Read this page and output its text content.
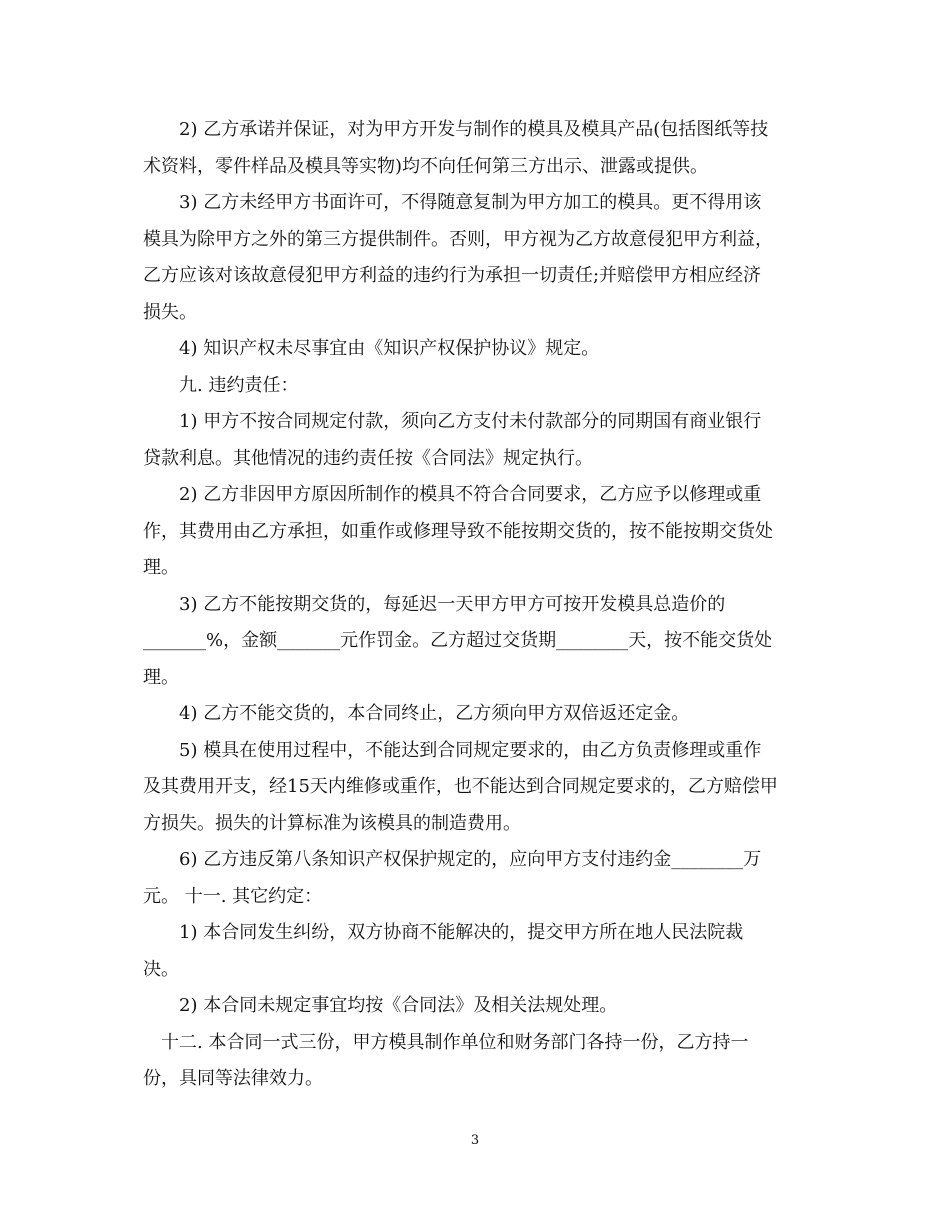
2) 乙方承诺并保证，对为甲方开发与制作的模具及模具产品(包括图纸等技
术资料，零件样品及模具等实物)均不向任何第三方出示、泄露或提供。
3) 乙方未经甲方书面许可，不得随意复制为甲方加工的模具。更不得用该
模具为除甲方之外的第三方提供制件。否则，甲方视为乙方故意侵犯甲方利益，
乙方应该对该故意侵犯甲方利益的违约行为承担一切责任;并赔偿甲方相应经济
损失。
4) 知识产权未尽事宜由《知识产权保护协议》规定。
九. 违约责任：
1) 甲方不按合同规定付款，须向乙方支付未付款部分的同期国有商业银行
贷款利息。其他情况的违约责任按《合同法》规定执行。
2) 乙方非因甲方原因所制作的模具不符合合同要求，乙方应予以修理或重
作，其费用由乙方承担，如重作或修理导致不能按期交货的，按不能按期交货处
理。
3) 乙方不能按期交货的，每延迟一天甲方甲方可按开发模具总造价的
_______%，金额_______元作罚金。乙方超过交货期________天，按不能交货处
理。
4) 乙方不能交货的，本合同终止，乙方须向甲方双倍返还定金。
5) 模具在使用过程中，不能达到合同规定要求的，由乙方负责修理或重作
及其费用开支，经15天内维修或重作，也不能达到合同规定要求的，乙方赔偿甲
方损失。损失的计算标准为该模具的制造费用。
6) 乙方违反第八条知识产权保护规定的，应向甲方支付违约金________万
元。 十一. 其它约定：
1) 本合同发生纠纷，双方协商不能解决的，提交甲方所在地人民法院裁
决。
2) 本合同未规定事宜均按《合同法》及相关法规处理。
十二. 本合同一式三份，甲方模具制作单位和财务部门各持一份，乙方持一
份，具同等法律效力。
3
